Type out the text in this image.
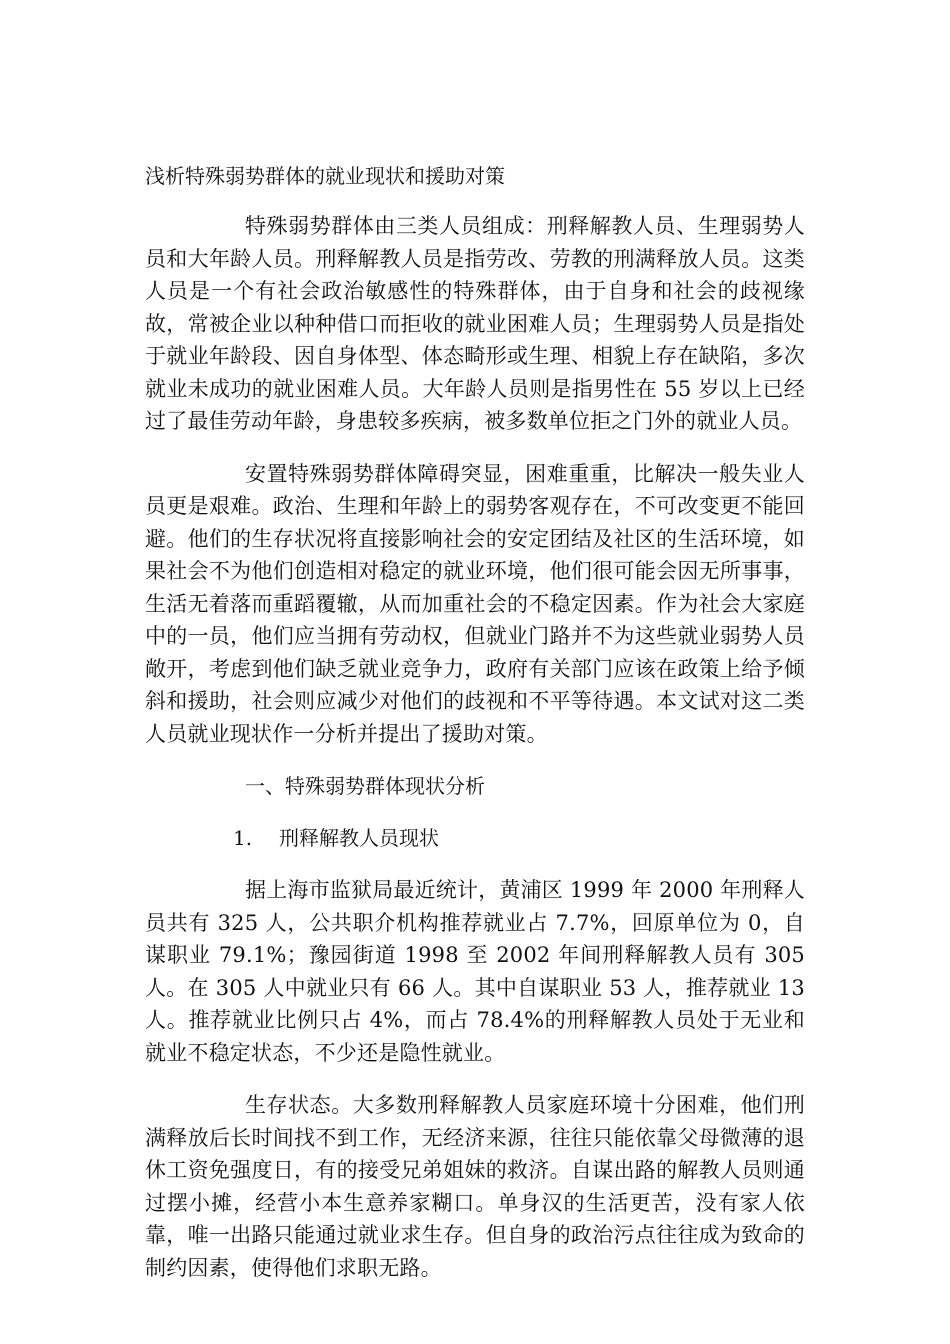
浅析特殊弱势群体的就业现状和援助对策

特殊弱势群体由三类人员组成：刑释解教人员、生理弱势人员和大年龄人员。刑释解教人员是指劳改、劳教的刑满释放人员。这类人员是一个有社会政治敏感性的特殊群体，由于自身和社会的歧视缘故，常被企业以种种借口而拒收的就业困难人员；生理弱势人员是指处于就业年龄段、因自身体型、体态畸形或生理、相貌上存在缺陷，多次就业未成功的就业困难人员。大年龄人员则是指男性在 55 岁以上已经过了最佳劳动年龄，身患较多疾病，被多数单位拒之门外的就业人员。

安置特殊弱势群体障碍突显，困难重重，比解决一般失业人员更是艰难。政治、生理和年龄上的弱势客观存在，不可改变更不能回避。他们的生存状况将直接影响社会的安定团结及社区的生活环境，如果社会不为他们创造相对稳定的就业环境，他们很可能会因无所事事，生活无着落而重蹈覆辙，从而加重社会的不稳定因素。作为社会大家庭中的一员，他们应当拥有劳动权，但就业门路并不为这些就业弱势人员敞开，考虑到他们缺乏就业竞争力，政府有关部门应该在政策上给予倾斜和援助，社会则应减少对他们的歧视和不平等待遇。本文试对这二类人员就业现状作一分析并提出了援助对策。

一、特殊弱势群体现状分析
1. 刑释解教人员现状

据上海市监狱局最近统计，黄浦区 1999 年 2000 年刑释人员共有 325 人，公共职介机构推荐就业占 7.7%，回原单位为 0，自谋职业 79.1%；豫园街道 1998 至 2002 年间刑释解教人员有 305 人。在 305 人中就业只有 66 人。其中自谋职业 53 人，推荐就业 13 人。推荐就业比例只占 4%，而占 78.4%的刑释解教人员处于无业和就业不稳定状态，不少还是隐性就业。

生存状态。大多数刑释解教人员家庭环境十分困难，他们刑满释放后长时间找不到工作，无经济来源，往往只能依靠父母微薄的退休工资免强度日，有的接受兄弟姐妹的救济。自谋出路的解教人员则通过摆小摊，经营小本生意养家糊口。单身汉的生活更苦，没有家人依靠，唯一出路只能通过就业求生存。但自身的政治污点往往成为致命的制约因素，使得他们求职无路。
